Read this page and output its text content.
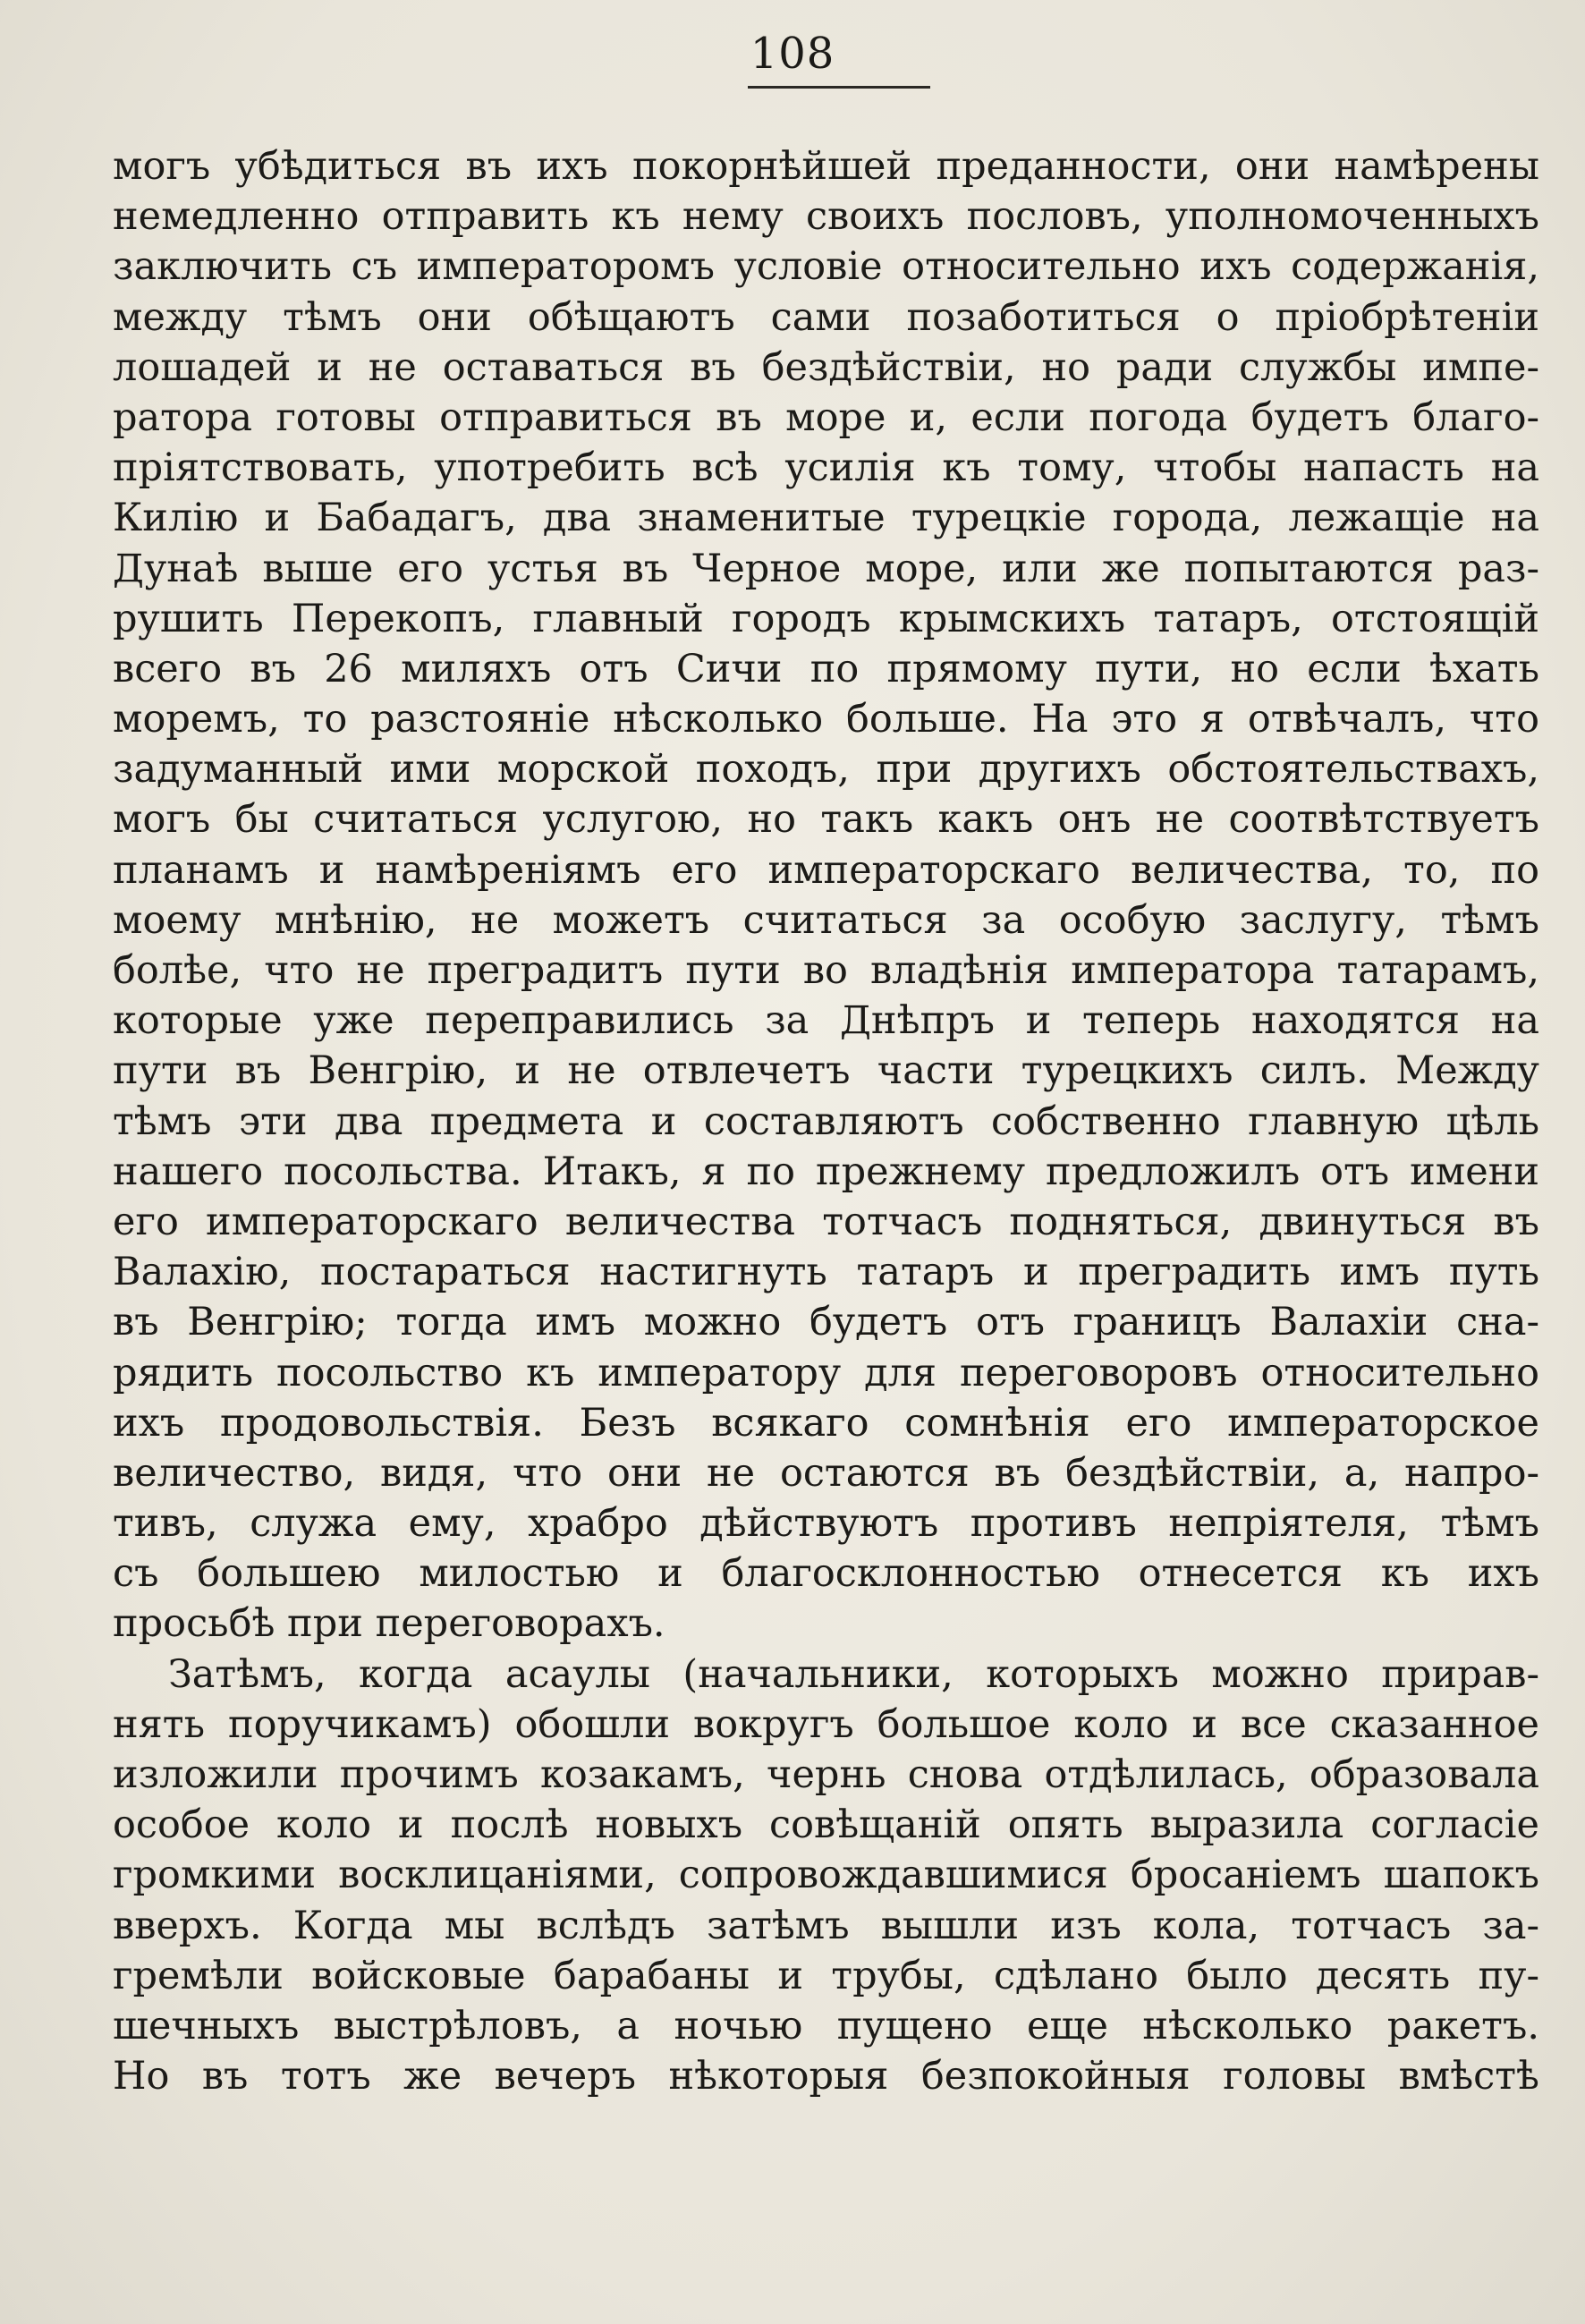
108
могъ убѣдиться въ ихъ покорнѣйшей преданности, они намѣрены
немедленно отправить къ нему своихъ пословъ, уполномоченныхъ
заключить съ императоромъ условіе относительно ихъ содержанія,
между тѣмъ они обѣщаютъ сами позаботиться о пріобрѣтеніи
лошадей и не оставаться въ бездѣйствіи, но ради службы импе-
ратора готовы отправиться въ море и, если погода будетъ благо-
пріятствовать, употребить всѣ усилія къ тому, чтобы напасть на
Килію и Бабадагъ, два знаменитые турецкіе города, лежащіе на
Дунаѣ выше его устья въ Черное море, или же попытаются раз-
рушить Перекопъ, главный городъ крымскихъ татаръ, отстоящій
всего въ 26 миляхъ отъ Сичи по прямому пути, но если ѣхать
моремъ, то разстояніе нѣсколько больше. На это я отвѣчалъ, что
задуманный ими морской походъ, при другихъ обстоятельствахъ,
могъ бы считаться услугою, но такъ какъ онъ не соотвѣтствуетъ
планамъ и намѣреніямъ его императорскаго величества, то, по
моему мнѣнію, не можетъ считаться за особую заслугу, тѣмъ
болѣе, что не преградитъ пути во владѣнія императора татарамъ,
которые уже переправились за Днѣпръ и теперь находятся на
пути въ Венгрію, и не отвлечетъ части турецкихъ силъ. Между
тѣмъ эти два предмета и составляютъ собственно главную цѣль
нашего посольства. Итакъ, я по прежнему предложилъ отъ имени
его императорскаго величества тотчасъ подняться, двинуться въ
Валахію, постараться настигнуть татаръ и преградить имъ путь
въ Венгрію; тогда имъ можно будетъ отъ границъ Валахіи сна-
рядить посольство къ императору для переговоровъ относительно
ихъ продовольствія. Безъ всякаго сомнѣнія его императорское
величество, видя, что они не остаются въ бездѣйствіи, а, напро-
тивъ, служа ему, храбро дѣйствуютъ противъ непріятеля, тѣмъ
съ большею милостью и благосклонностью отнесется къ ихъ
просьбѣ при переговорахъ.
Затѣмъ, когда асаулы (начальники, которыхъ можно прирав-
нять поручикамъ) обошли вокругъ большое коло и все сказанное
изложили прочимъ козакамъ, чернь снова отдѣлилась, образовала
особое коло и послѣ новыхъ совѣщаній опять выразила согласіе
громкими восклицаніями, сопровождавшимися бросаніемъ шапокъ
вверхъ. Когда мы вслѣдъ затѣмъ вышли изъ кола, тотчасъ за-
гремѣли войсковые барабаны и трубы, сдѣлано было десять пу-
шечныхъ выстрѣловъ, а ночью пущено еще нѣсколько ракетъ.
Но въ тотъ же вечеръ нѣкоторыя безпокойныя головы вмѣстѣ
